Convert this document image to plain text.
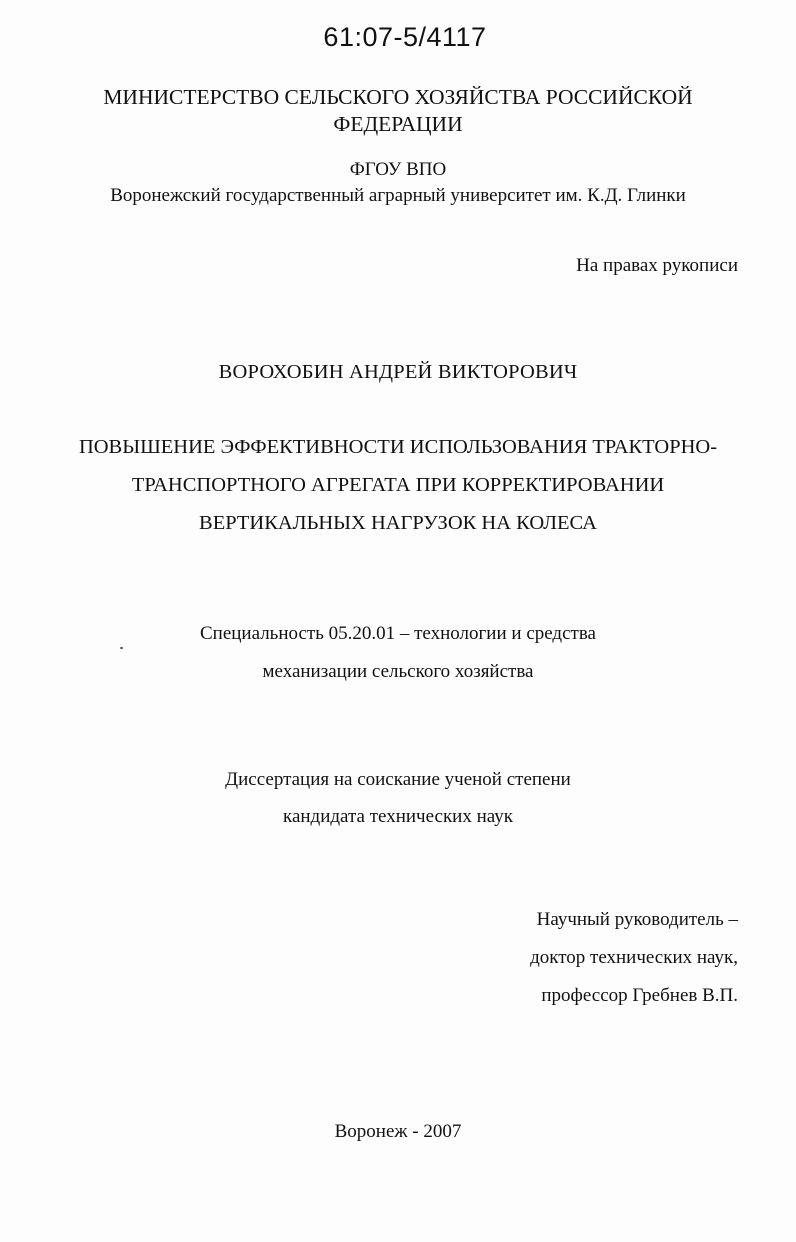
61:07-5/4117
МИНИСТЕРСТВО СЕЛЬСКОГО ХОЗЯЙСТВА РОССИЙСКОЙ
ФЕДЕРАЦИИ
ФГОУ ВПО
Воронежский государственный аграрный университет им. К.Д. Глинки
На правах рукописи
ВОРОХОБИН АНДРЕЙ ВИКТОРОВИЧ
ПОВЫШЕНИЕ ЭФФЕКТИВНОСТИ ИСПОЛЬЗОВАНИЯ ТРАКТОРНО-
ТРАНСПОРТНОГО АГРЕГАТА ПРИ КОРРЕКТИРОВАНИИ
ВЕРТИКАЛЬНЫХ НАГРУЗОК НА КОЛЕСА
Специальность 05.20.01 – технологии и средства
механизации сельского хозяйства
Диссертация на соискание ученой степени
кандидата технических наук
Научный руководитель –
доктор технических наук,
профессор Гребнев В.П.
Воронеж - 2007
